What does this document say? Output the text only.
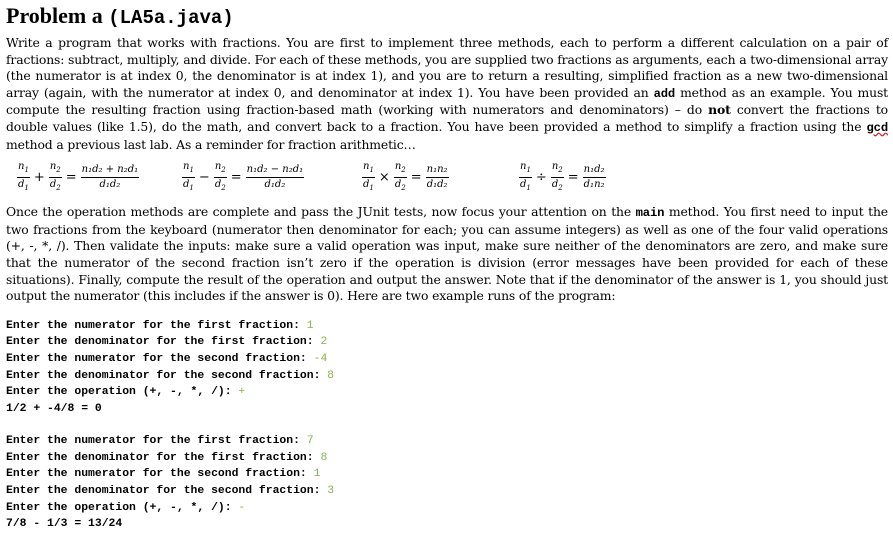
Problem a (LA5a.java)

Write a program that works with fractions. You are first to implement three methods, each to perform a different calculation on a pair of fractions: subtract, multiply, and divide. For each of these methods, you are supplied two fractions as arguments, each a two-dimensional array (the numerator is at index 0, the denominator is at index 1), and you are to return a resulting, simplified fraction as a new two-dimensional array (again, with the numerator at index 0, and denominator at index 1). You have been provided an add method as an example. You must compute the resulting fraction using fraction-based math (working with numerators and denominators) – do not convert the fractions to double values (like 1.5), do the math, and convert back to a fraction. You have been provided a method to simplify a fraction using the gcd method a previous last lab. As a reminder for fraction arithmetic…

$n_1$
$d_1$
+ $\frac{n_2}{d_2} = \frac{\text{n₁d₂ + n₂d₁}}{\text{d₁d₂}}$	$n_1$
$d_1$
− $\frac{n_2}{d_2} = \frac{\text{n₁d₂ − n₂d₁}}{\text{d₁d₂}}$	$\frac{n_1}{d_1} \times \frac{n_2}{d_2} = \frac{\text{n₁n₂}}{\text{d₁d₂}}$	$\frac{n_1}{d_1} \div \frac{n_2}{d_2} = \frac{\text{n₁d₂}}{\text{d₁n₂}}$

Once the operation methods are complete and pass the JUnit tests, now focus your attention on the main method. You first need to input the two fractions from the keyboard (numerator then denominator for each; you can assume integers) as well as one of the four valid operations (+, -, *, /). Then validate the inputs: make sure a valid operation was input, make sure neither of the denominators are zero, and make sure that the numerator of the second fraction isn’t zero if the operation is division (error messages have been provided for each of these situations). Finally, compute the result of the operation and output the answer. Note that if the denominator of the answer is 1, you should just output the numerator (this includes if the answer is 0). Here are two example runs of the program:

Enter the numerator for the first fraction: 1
Enter the denominator for the first fraction: 2
Enter the numerator for the second fraction: -4
Enter the denominator for the second fraction: 8
Enter the operation (+, -, *, /): +
1/2 + -4/8 = 0
Enter the numerator for the first fraction: 7
Enter the denominator for the first fraction: 8
Enter the numerator for the second fraction: 1
Enter the denominator for the second fraction: 3
Enter the operation (+, -, *, /): -
7/8 - 1/3 = 13/24
